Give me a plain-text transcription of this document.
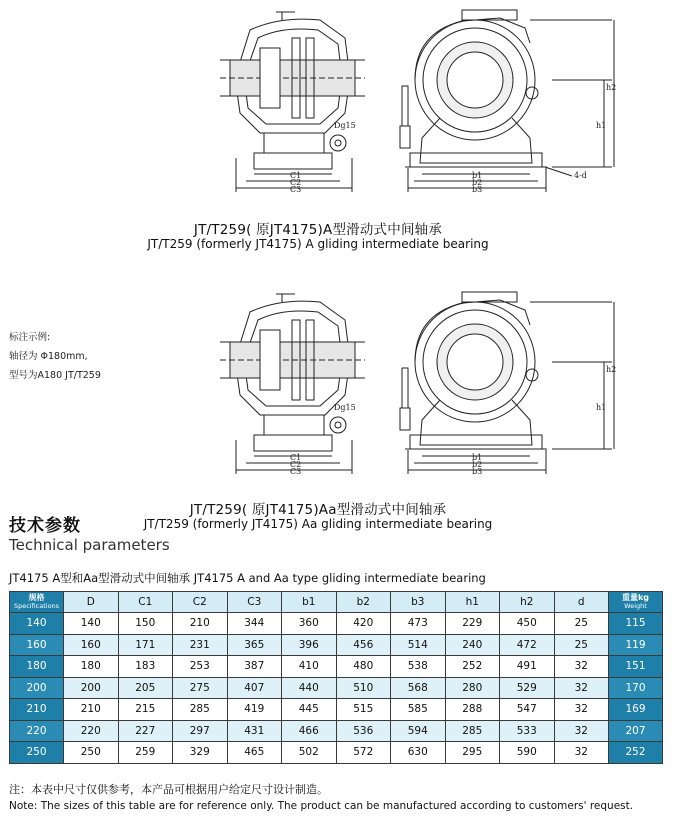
C1
C2
C3
Dg15
b1
b2
b3
h1
h2
4-d
JT/T259( 原JT4175)A型滑动式中间轴承
JT/T259 (formerly JT4175) A gliding intermediate bearing
C1
C2
C3
Dg15
b1
b2
b3
h1
h2
标注示例:
轴径为 Φ180mm,
型号为A180 JT/T259
JT/T259( 原JT4175)Aa型滑动式中间轴承
JT/T259 (formerly JT4175) Aa gliding intermediate bearing
技术参数
Technical parameters
JT4175 A型和Aa型滑动式中间轴承 JT4175 A and Aa type gliding intermediate bearing
规格
Specifications	D	C1	C2	C3	b1	b2	b3	h1	h2	d	重量kg
Weight

140	140	150	210	344	360	420	473	229	450	25	115
160	160	171	231	365	396	456	514	240	472	25	119
180	180	183	253	387	410	480	538	252	491	32	151
200	200	205	275	407	440	510	568	280	529	32	170
210	210	215	285	419	445	515	585	288	547	32	169
220	220	227	297	431	466	536	594	285	533	32	207
250	250	259	329	465	502	572	630	295	590	32	252
注：本表中尺寸仅供参考，本产品可根据用户给定尺寸设计制造。
Note: The sizes of this table are for reference only. The product can be manufactured according to customers' request.
